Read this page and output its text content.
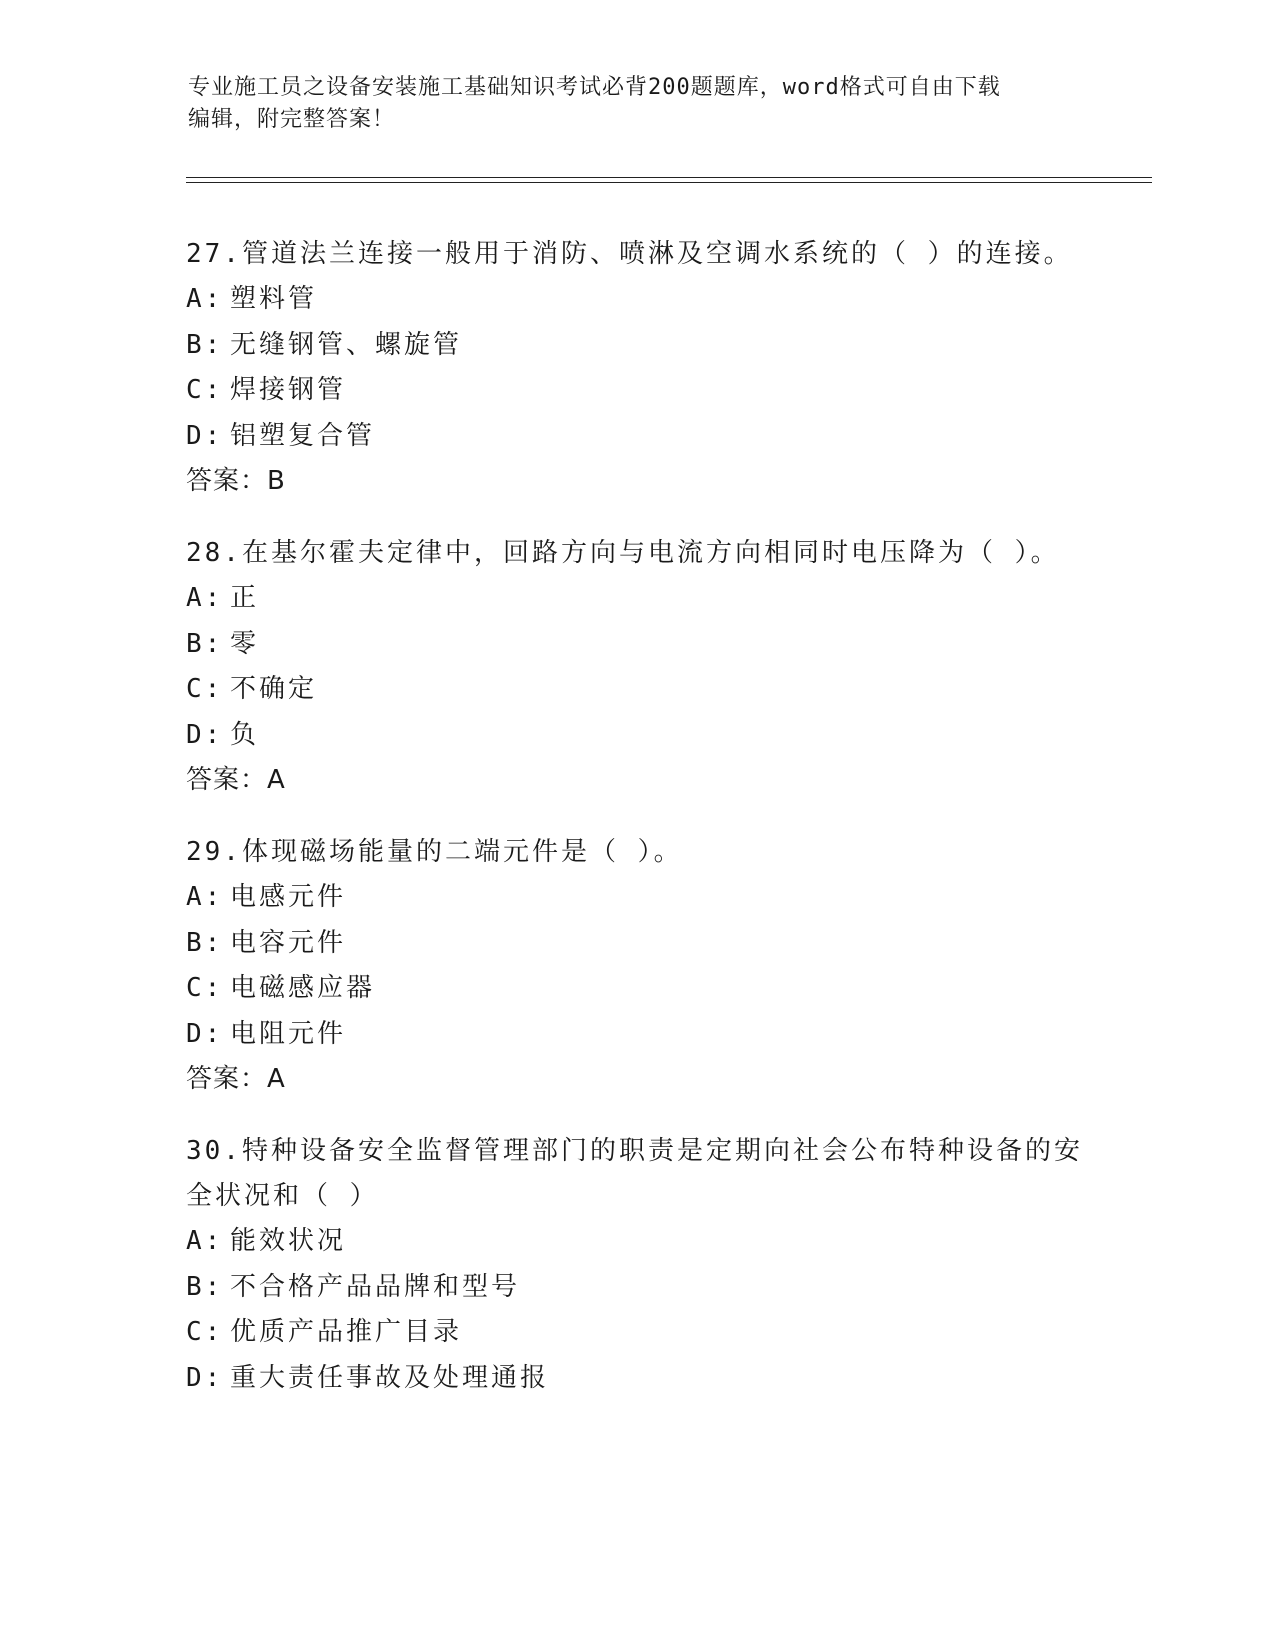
专业施工员之设备安装施工基础知识考试必背200题题库，word格式可自由下载
编辑，附完整答案！
27.管道法兰连接一般用于消防、喷淋及空调水系统的（ ）的连接。
A: 塑料管
B: 无缝钢管、螺旋管
C: 焊接钢管
D: 铝塑复合管
答案：B
28.在基尔霍夫定律中，回路方向与电流方向相同时电压降为（ ）。
A: 正
B: 零
C: 不确定
D: 负
答案：A
29.体现磁场能量的二端元件是（ ）。
A: 电感元件
B: 电容元件
C: 电磁感应器
D: 电阻元件
答案：A
30.特种设备安全监督管理部门的职责是定期向社会公布特种设备的安全状况和（ ）
A: 能效状况
B: 不合格产品品牌和型号
C: 优质产品推广目录
D: 重大责任事故及处理通报
